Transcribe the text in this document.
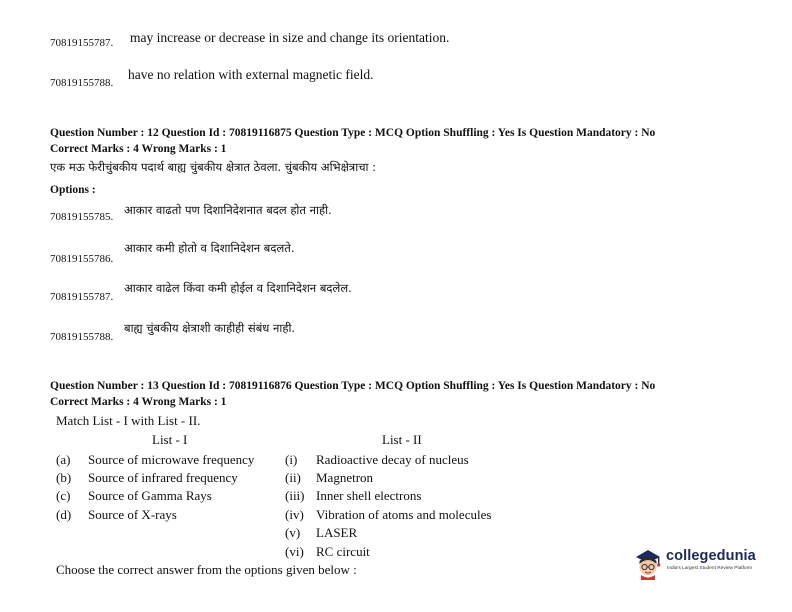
70819155787. may increase or decrease in size and change its orientation.
70819155788.
have no relation with external magnetic field.
Question Number : 12 Question Id : 70819116875 Question Type : MCQ Option Shuffling : Yes Is Question Mandatory : No
Correct Marks : 4 Wrong Marks : 1
एक मऊ फेरीचुंबकीय पदार्थ बाह्य चुंबकीय क्षेत्रात ठेवला. चुंबकीय अभिक्षेत्राचा :
Options :
70819155785. आकार वाढतो पण दिशानिदेशनात बदल होत नाही.
70819155786.
आकार कमी होतो व दिशानिदेशन बदलते.
70819155787.
आकार वाढेल किंवा कमी होईल व दिशानिदेशन बदलेल.
70819155788.
बाह्य चुंबकीय क्षेत्राशी काहीही संबंध नाही.
Question Number : 13 Question Id : 70819116876 Question Type : MCQ Option Shuffling : Yes Is Question Mandatory : No
Correct Marks : 4 Wrong Marks : 1
Match List - I with List - II.
List - I	List - II
(a) Source of microwave frequency
(b) Source of infrared frequency
(c) Source of Gamma Rays
(d) Source of X-rays
(i) Radioactive decay of nucleus
(ii) Magnetron
(iii) Inner shell electrons
(iv) Vibration of atoms and molecules
(v) LASER
(vi) RC circuit
Choose the correct answer from the options given below :
collegedunia
India's Largest Student Review Platform
